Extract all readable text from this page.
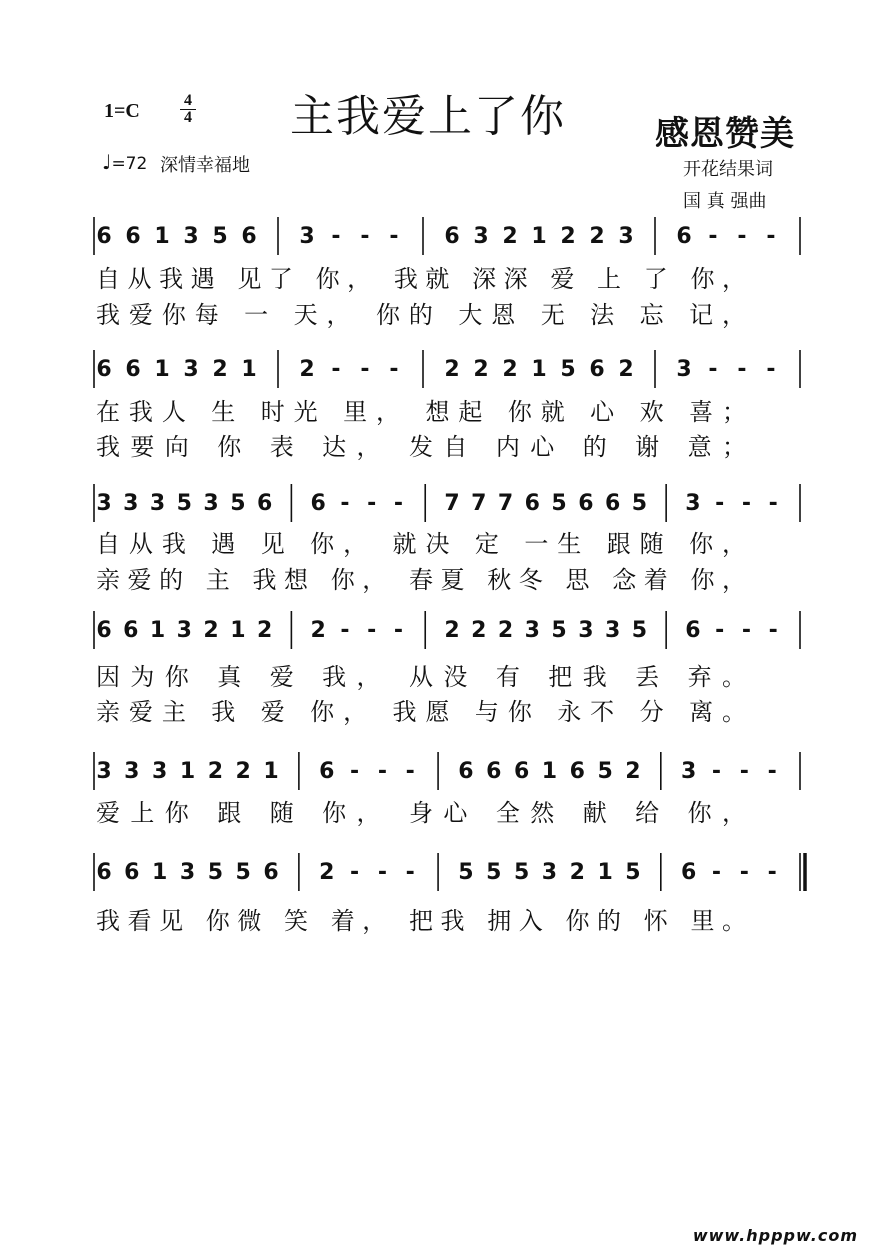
1=C	4
4 主我爱上了你	感恩赞美
♩=72 深情幸福地	开花结果词
国 真 强曲
6 6 1 3 5 6 3 - - - 6 3 2 1 2 2 3 6 - - -
自从我遇 见了 你， 我就 深深 爱 上 了 你，
我爱你每 一 天， 你的 大恩 无 法 忘 记，
6 6 1 3 2 1 2 - - - 2 2 2 1 5 6 2 3 - - -
在我人 生 时光 里， 想起 你就 心 欢 喜；
我要向 你 表 达， 发自 内心 的 谢 意；
3 3 3 5 3 5 6 6 - - - 7 7 7 6 5 6 6 5 3 - - -
自从我 遇 见 你， 就决 定 一生 跟随 你，
亲爱的 主 我想 你， 春夏 秋冬 思 念着 你，
6 6 1 3 2 1 2 2 - - - 2 2 2 3 5 3 3 5 6 - - -
因为你 真 爱 我， 从没 有 把我 丢 弃。
亲爱主 我 爱 你， 我愿 与你 永不 分 离。
3 3 3 1 2 2 1 6 - - - 6 6 6 1 6 5 2 3 - - -
爱上你 跟 随 你， 身心 全然 献 给 你，
6 6 1 3 5 5 6 2 - - - 5 5 5 3 2 1 5 6 - - -
我看见 你微 笑 着， 把我 拥入 你的 怀 里。
www.hpppw.com
